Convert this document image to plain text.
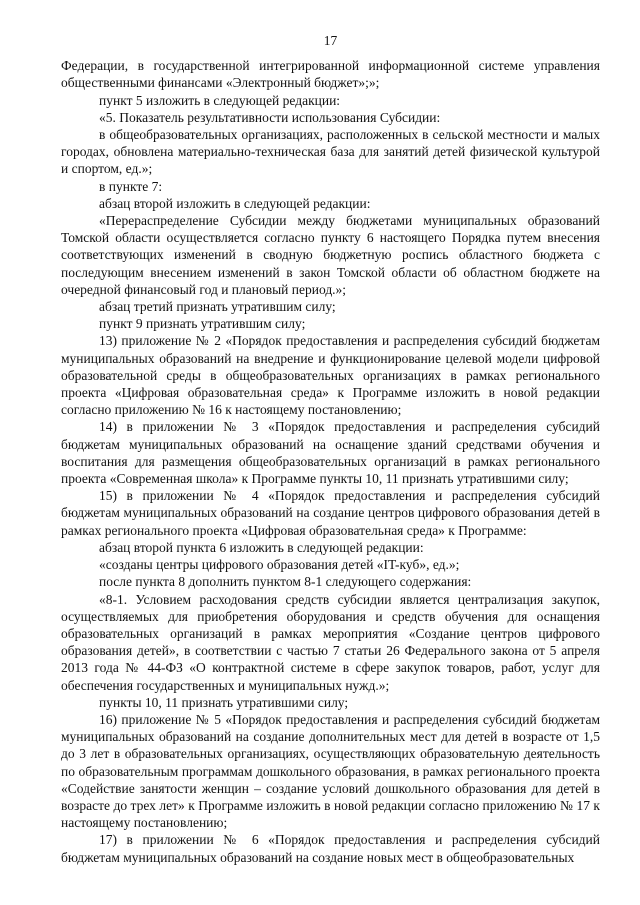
17

Федерации, в государственной интегрированной информационной системе управления общественными финансами «Электронный бюджет»;»;

пункт 5 изложить в следующей редакции:

«5. Показатель результативности использования Субсидии:

в общеобразовательных организациях, расположенных в сельской местности и малых городах, обновлена материально-техническая база для занятий детей физической культурой и спортом, ед.»;

в пункте 7:

абзац второй изложить в следующей редакции:

«Перераспределение Субсидии между бюджетами муниципальных образований Томской области осуществляется согласно пункту 6 настоящего Порядка путем внесения соответствующих изменений в сводную бюджетную роспись областного бюджета с последующим внесением изменений в закон Томской области об областном бюджете на очередной финансовый год и плановый период.»;

абзац третий признать утратившим силу;

пункт 9 признать утратившим силу;

13) приложение № 2 «Порядок предоставления и распределения субсидий бюджетам муниципальных образований на внедрение и функционирование целевой модели цифровой образовательной среды в общеобразовательных организациях в рамках регионального проекта «Цифровая образовательная среда» к Программе изложить в новой редакции согласно приложению № 16 к настоящему постановлению;

14) в приложении № 3 «Порядок предоставления и распределения субсидий бюджетам муниципальных образований на оснащение зданий средствами обучения и воспитания для размещения общеобразовательных организаций в рамках регионального проекта «Современная школа» к Программе пункты 10, 11 признать утратившими силу;

15) в приложении № 4 «Порядок предоставления и распределения субсидий бюджетам муниципальных образований на создание центров цифрового образования детей в рамках регионального проекта «Цифровая образовательная среда» к Программе:

абзац второй пункта 6 изложить в следующей редакции:

«созданы центры цифрового образования детей «IT-куб», ед.»;

после пункта 8 дополнить пунктом 8-1 следующего содержания:

«8-1. Условием расходования средств субсидии является централизация закупок, осуществляемых для приобретения оборудования и средств обучения для оснащения образовательных организаций в рамках мероприятия «Создание центров цифрового образования детей», в соответствии с частью 7 статьи 26 Федерального закона от 5 апреля 2013 года № 44-ФЗ «О контрактной системе в сфере закупок товаров, работ, услуг для обеспечения государственных и муниципальных нужд.»;

пункты 10, 11 признать утратившими силу;

16) приложение № 5 «Порядок предоставления и распределения субсидий бюджетам муниципальных образований на создание дополнительных мест для детей в возрасте от 1,5 до 3 лет в образовательных организациях, осуществляющих образовательную деятельность по образовательным программам дошкольного образования, в рамках регионального проекта «Содействие занятости женщин – создание условий дошкольного образования для детей в возрасте до трех лет» к Программе изложить в новой редакции согласно приложению № 17 к настоящему постановлению;

17) в приложении № 6 «Порядок предоставления и распределения субсидий бюджетам муниципальных образований на создание новых мест в общеобразовательных
